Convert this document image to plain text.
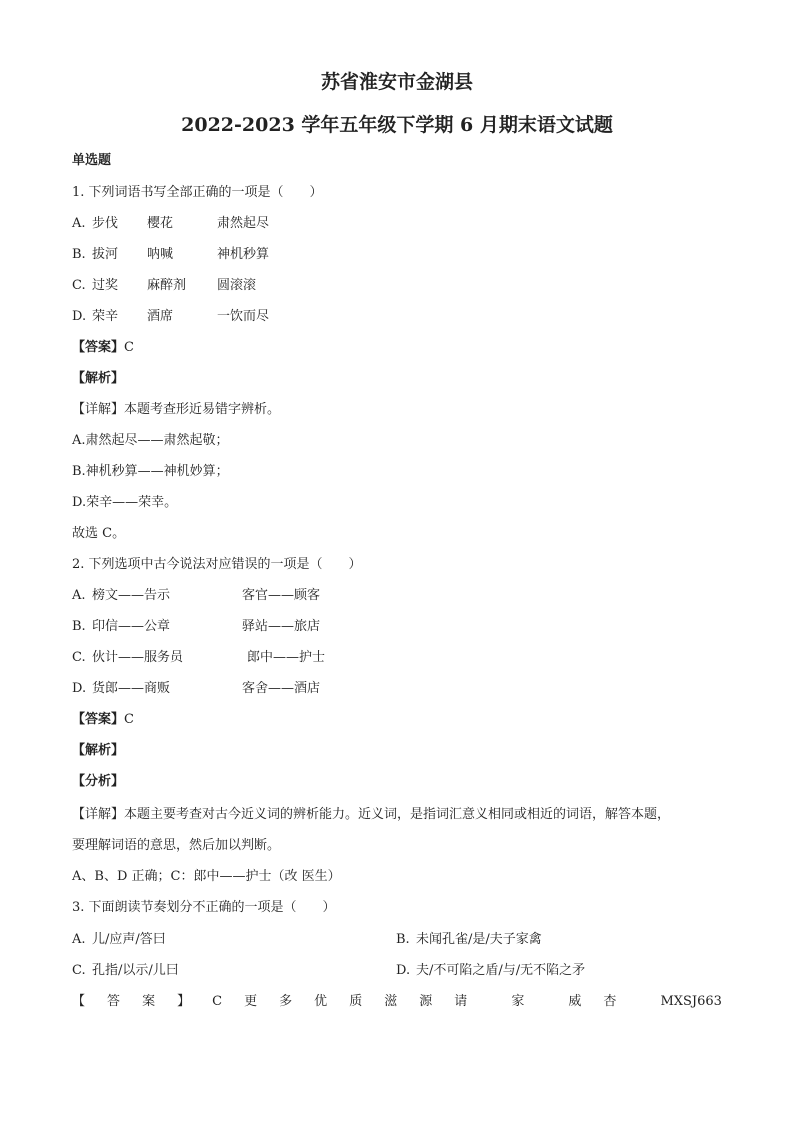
苏省淮安市金湖县
2022-2023 学年五年级下学期 6 月期末语文试题
单选题
1. 下列词语书写全部正确的一项是（　　）
A. 步伐 樱花	肃然起尽
B. 拔河 呐喊	神机秒算
C. 过奖 麻醉剂 圆滚滚
D. 荣辛 酒席	一饮而尽
【答案】C
【解析】
【详解】本题考查形近易错字辨析。
A.肃然起尽——肃然起敬；
B.神机秒算——神机妙算；
D.荣辛——荣幸。
故选 C。
2. 下列选项中古今说法对应错误的一项是（　　）
A. 榜文——告示	客官——顾客
B. 印信——公章	驿站——旅店
C. 伙计——服务员	郎中——护士
D. 货郎——商贩	客舍——酒店
【答案】C
【解析】
【分析】
【详解】本题主要考查对古今近义词的辨析能力。近义词，是指词汇意义相同或相近的词语，解答本题，
要理解词语的意思，然后加以判断。
A、B、D 正确；C：郎中——护士（改 医生）
3. 下面朗读节奏划分不正确的一项是（　　）
A. 儿/应声/答曰	B. 未闻孔雀/是/夫子家禽
C. 孔指/以示/儿曰	D. 夫/不可陷之盾/与/无不陷之矛
【 答 案 】 C 更 多 优 质 滋 源 请	家	威 杏	MXSJ663
